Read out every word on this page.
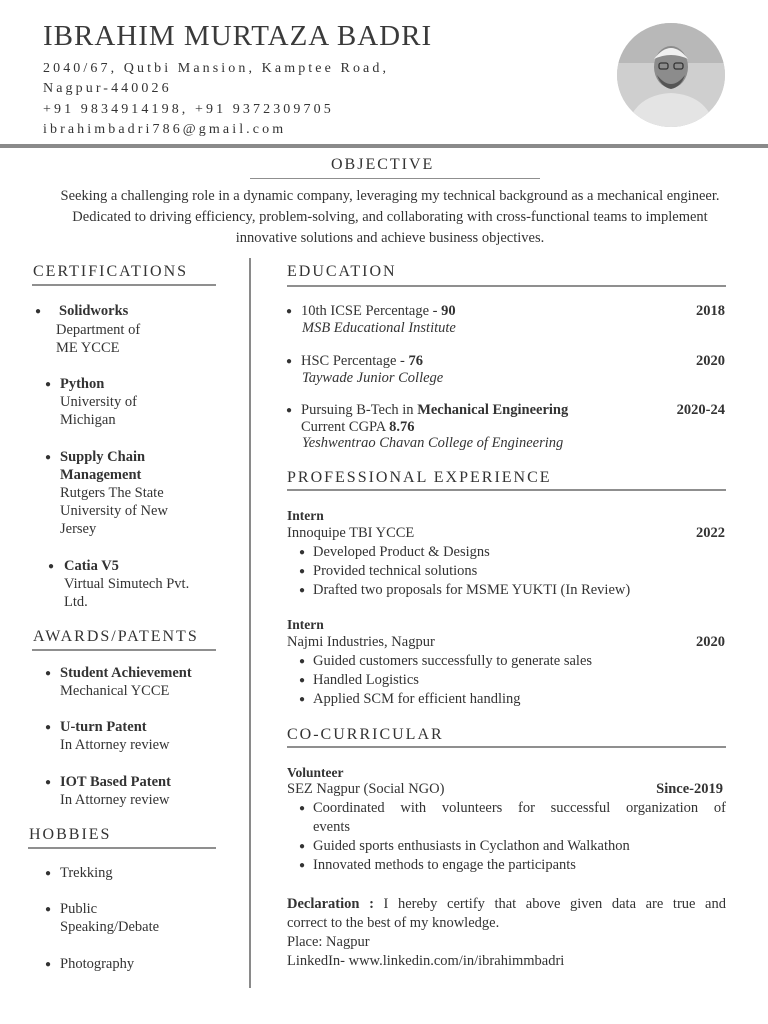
IBRAHIM MURTAZA BADRI
2040/67, Qutbi Mansion, Kamptee Road,
Nagpur-440026
+91 9834914198, +91 9372309705
ibrahimbadri786@gmail.com
OBJECTIVE
Seeking a challenging role in a dynamic company, leveraging my technical background as a mechanical engineer. Dedicated to driving efficiency, problem-solving, and collaborating with cross-functional teams to implement innovative solutions and achieve business objectives.
CERTIFICATIONS
● Solidworks
Department of
ME YCCE
● Python
University of
Michigan
● Supply Chain
Management
Rutgers The State
University of New
Jersey
● Catia V5
Virtual Simutech Pvt.
Ltd.
AWARDS/PATENTS
● Student Achievement
Mechanical YCCE
● U-turn Patent
In Attorney review
● IOT Based Patent
In Attorney review
HOBBIES
● Trekking
● Public
Speaking/Debate
● Photography
EDUCATION
● 10th ICSE Percentage - 90	2018
MSB Educational Institute
● HSC Percentage - 76	2020
Taywade Junior College
● Pursuing B-Tech in Mechanical Engineering	2020-24
Current CGPA 8.76
Yeshwentrao Chavan College of Engineering
PROFESSIONAL EXPERIENCE
Intern
Innoquipe TBI YCCE	2022
● Developed Product & Designs
● Provided technical solutions
● Drafted two proposals for MSME YUKTI (In Review)
Intern
Najmi Industries, Nagpur	2020
● Guided customers successfully to generate sales
● Handled Logistics
● Applied SCM for efficient handling
CO-CURRICULAR
Volunteer
SEZ Nagpur (Social NGO)	Since-2019
● Coordinated with volunteers for successful organization of
events
● Guided sports enthusiasts in Cyclathon and Walkathon
● Innovated methods to engage the participants
Declaration : I hereby certify that above given data are true and
correct to the best of my knowledge.
Place: Nagpur
LinkedIn- www.linkedin.com/in/ibrahimmbadri
